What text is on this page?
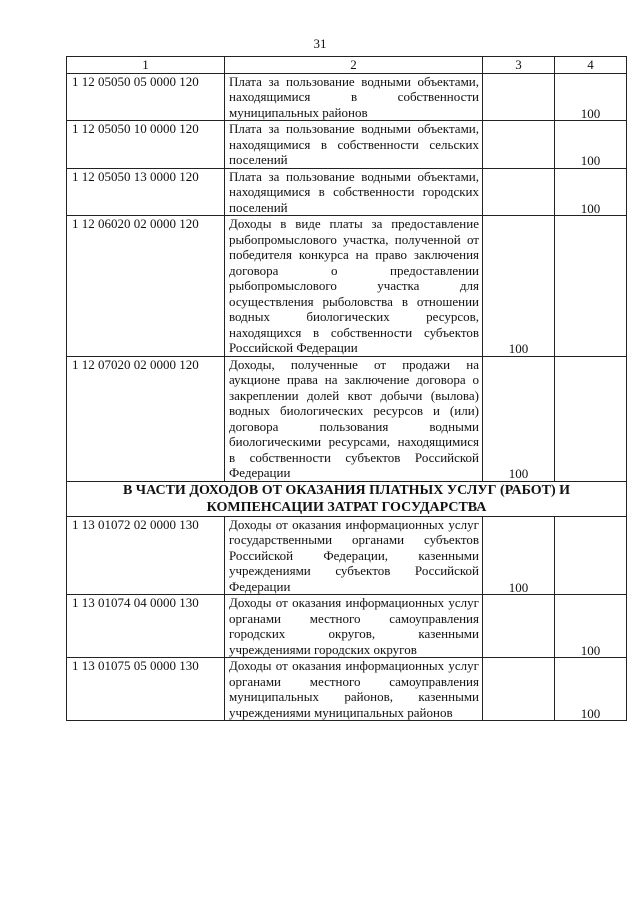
31
1	2	3	4
1 12 05050 05 0000 120	Плата за пользование водными объектами, находящимися в собственности муниципальных районов		100

1 12 05050 10 0000 120	Плата за пользование водными объектами, находящимися в собственности сельских поселений		100

1 12 05050 13 0000 120	Плата за пользование водными объектами, находящимися в собственности городских поселений		100

1 12 06020 02 0000 120	Доходы в виде платы за предоставление рыбопромыслового участка, полученной от победителя конкурса на право заключения договора о предоставлении рыбопромыслового участка для осуществления рыболовства в отношении водных биологических ресурсов, находящихся в собственности субъектов Российской Федерации	100	

1 12 07020 02 0000 120	Доходы, полученные от продажи на аукционе права на заключение договора о закреплении долей квот добычи (вылова) водных биологических ресурсов и (или) договора пользования водными биологическими ресурсами, находящимися в собственности субъектов Российской Федерации	100	

В ЧАСТИ ДОХОДОВ ОТ ОКАЗАНИЯ ПЛАТНЫХ УСЛУГ (РАБОТ) И КОМПЕНСАЦИИ ЗАТРАТ ГОСУДАРСТВА			
1 13 01072 02 0000 130	Доходы от оказания информационных услуг государственными органами субъектов Российской Федерации, казенными учреждениями субъектов Российской Федерации	100	

1 13 01074 04 0000 130	Доходы от оказания информационных услуг органами местного самоуправления городских округов, казенными учреждениями городских округов		100

1 13 01075 05 0000 130	Доходы от оказания информационных услуг органами местного самоуправления муниципальных районов, казенными учреждениями муниципальных районов		100
